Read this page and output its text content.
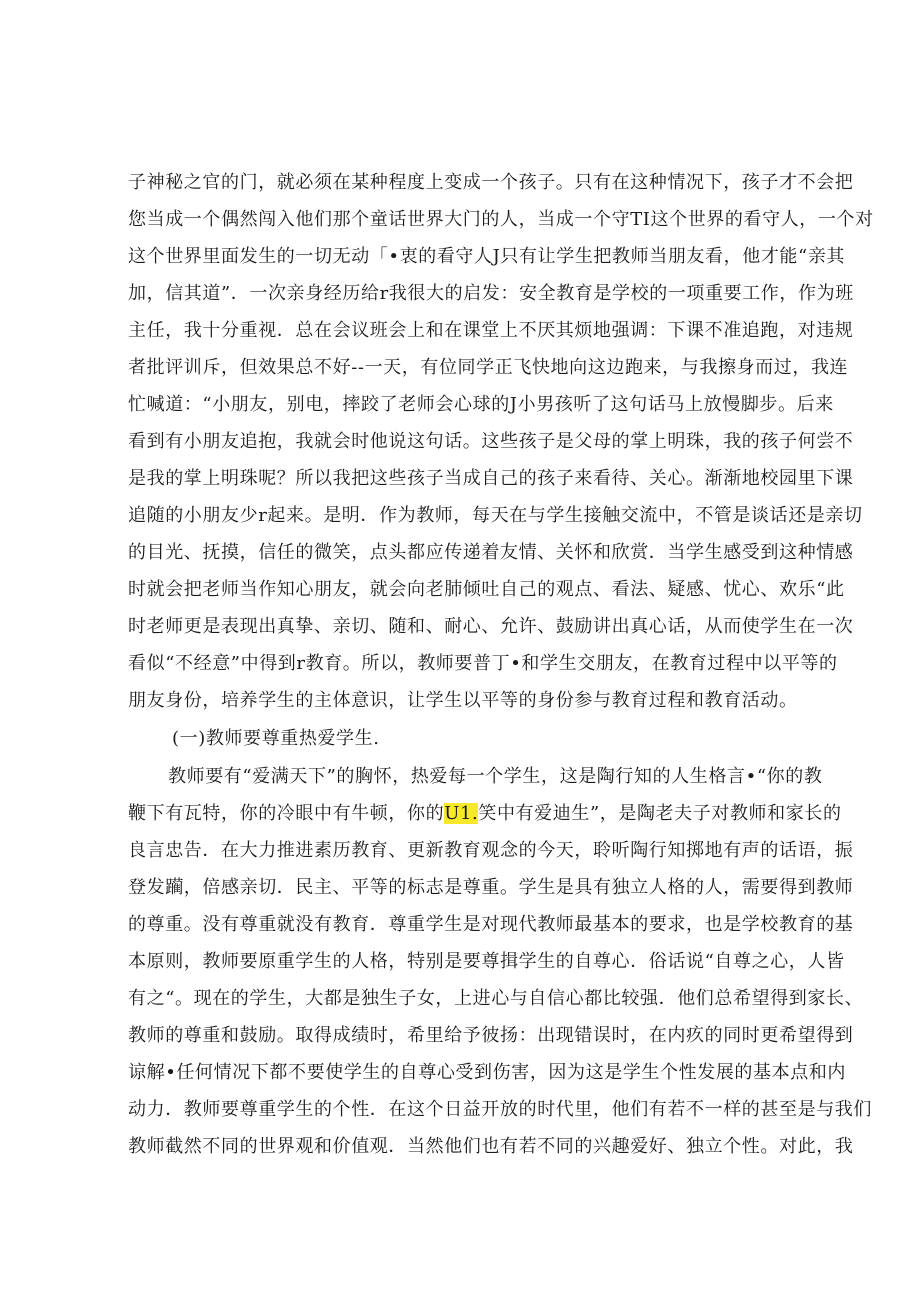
子神秘之官的门，就必须在某种程度上变成一个孩子。只有在这种情况下，孩子才不会把
您当成一个偶然闯入他们那个童话世界大门的人，当成一个守TI这个世界的看守人，一个对
这个世界里面发生的一切无动「•衷的看守人J只有让学生把教师当朋友看，他才能“亲其
加，信其道”．一次亲身经历给r我很大的启发：安全教育是学校的一项重要工作，作为班
主任，我十分重视．总在会议班会上和在课堂上不厌其烦地强调：下课不准追跑，对违规
者批评训斥，但效果总不好--一天，有位同学正飞快地向这边跑来，与我擦身而过，我连
忙喊道：“小朋友，别电，摔跤了老师会心球的J小男孩听了这句话马上放慢脚步。后来
看到有小朋友追抱，我就会时他说这句话。这些孩子是父母的掌上明珠，我的孩子何尝不
是我的掌上明珠呢？所以我把这些孩子当成自己的孩子来看待、关心。渐渐地校园里下课
追随的小朋友少r起来。是明．作为教师，每天在与学生接触交流中，不管是谈话还是亲切
的目光、抚摸，信任的微笑，点头都应传递着友情、关怀和欣赏．当学生感受到这种情感
时就会把老师当作知心朋友，就会向老肺倾吐自己的观点、看法、疑感、忧心、欢乐“此
时老师更是表现出真挚、亲切、随和、耐心、允许、鼓励讲出真心话，从而使学生在一次
看似“不经意”中得到r教育。所以，教师要普丁•和学生交朋友，在教育过程中以平等的
朋友身份，培养学生的主体意识，让学生以平等的身份参与教育过程和教育活动。
(一)教师要尊重热爱学生.
教师要有“爱满天下”的胸怀，热爱每一个学生，这是陶行知的人生格言•“你的教
鞭下有瓦特，你的冷眼中有牛顿，你的U1.笑中有爱迪生”，是陶老夫子对教师和家长的
良言忠告．在大力推进素历教育、更新教育观念的今天，聆听陶行知掷地有声的话语，振
登发躏，倍感亲切．民主、平等的标志是尊重。学生是具有独立人格的人，需要得到教师
的尊重。没有尊重就没有教育．尊重学生是对现代教师最基本的要求，也是学校教育的基
本原则，教师要原重学生的人格，特别是要尊揖学生的自尊心．俗话说“自尊之心，人皆
有之“。现在的学生，大都是独生子女，上进心与自信心都比较强．他们总希望得到家长、
教师的尊重和鼓励。取得成绩时，希里给予彼扬：出现错误时，在内疚的同时更希望得到
谅解•任何情况下都不要使学生的自尊心受到伤害，因为这是学生个性发展的基本点和内
动力．教师要尊重学生的个性．在这个日益开放的时代里，他们有若不一样的甚至是与我们
教师截然不同的世界观和价值观．当然他们也有若不同的兴趣爱好、独立个性。对此，我
